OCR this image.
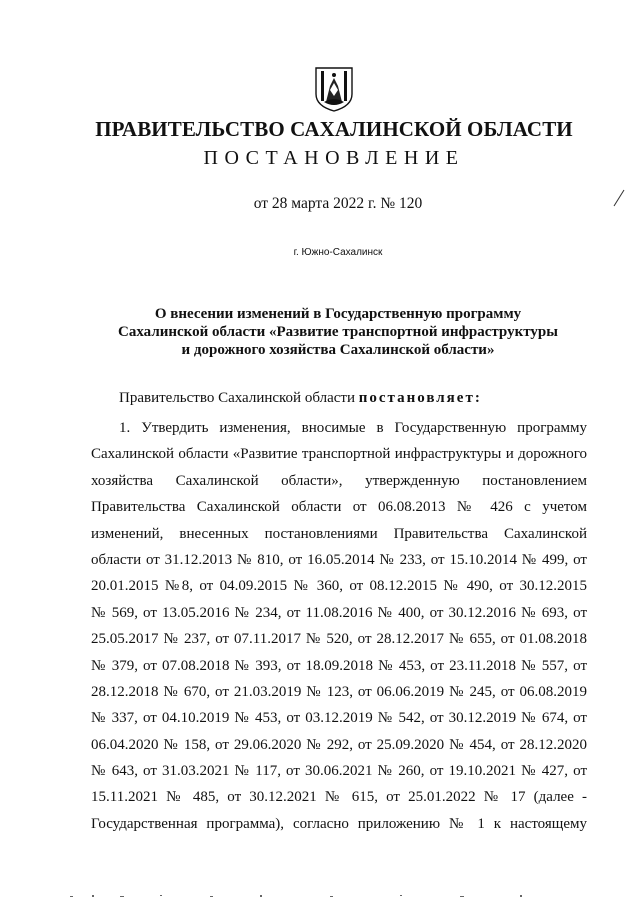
ПРАВИТЕЛЬСТВО САХАЛИНСКОЙ ОБЛАСТИ
ПОСТАНОВЛЕНИЕ
от 28 марта 2022 г. № 120
г. Южно-Сахалинск
О внесении изменений в Государственную программу
Сахалинской области «Развитие транспортной инфраструктуры
и дорожного хозяйства Сахалинской области»
Правительство Сахалинской области постановляет:
1. Утвердить изменения, вносимые в Государственную программу
Сахалинской области «Развитие транспортной инфраструктуры и дорожного
хозяйства Сахалинской области», утвержденную постановлением
Правительства Сахалинской области от 06.08.2013 № 426 с учетом
изменений, внесенных постановлениями Правительства Сахалинской
области от 31.12.2013 № 810, от 16.05.2014 № 233, от 15.10.2014 № 499, от
20.01.2015 №8, от 04.09.2015 № 360, от 08.12.2015 № 490, от 30.12.2015
№ 569, от 13.05.2016 № 234, от 11.08.2016 № 400, от 30.12.2016 № 693, от
25.05.2017 № 237, от 07.11.2017 № 520, от 28.12.2017 № 655, от 01.08.2018
№ 379, от 07.08.2018 № 393, от 18.09.2018 № 453, от 23.11.2018 № 557, от
28.12.2018 № 670, от 21.03.2019 № 123, от 06.06.2019 № 245, от 06.08.2019
№ 337, от 04.10.2019 № 453, от 03.12.2019 № 542, от 30.12.2019 № 674, от
06.04.2020 № 158, от 29.06.2020 № 292, от 25.09.2020 № 454, от 28.12.2020
№ 643, от 31.03.2021 № 117, от 30.06.2021 № 260, от 19.10.2021 № 427, от
15.11.2021 № 485, от 30.12.2021 № 615, от 25.01.2022 № 17 (далее -
Государственная программа), согласно приложению № 1 к настоящему
